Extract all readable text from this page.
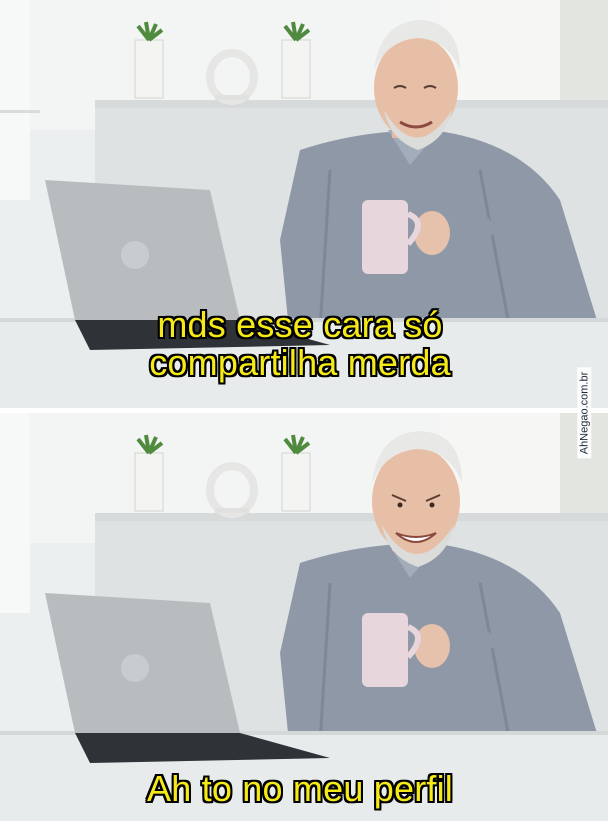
mds esse cara só
compartilha merda
Ah to no meu perfil
AhNegao.com.br
